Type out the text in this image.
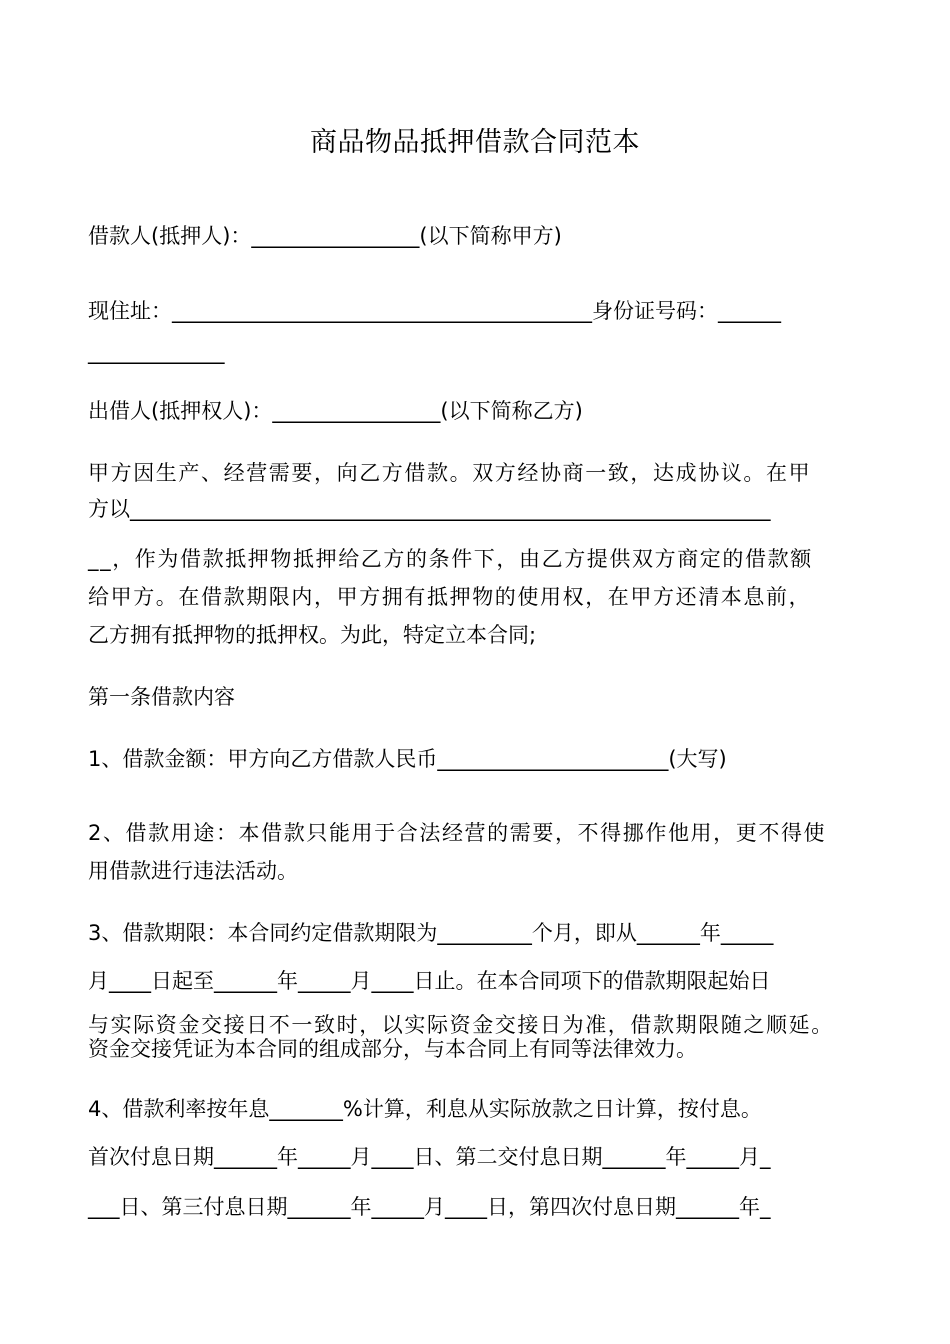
商品物品抵押借款合同范本
借款人(抵押人)：________________(以下简称甲方)
现住址：________________________________________身份证号码：______
_____________
出借人(抵押权人)：________________(以下简称乙方)
甲方因生产、经营需要，向乙方借款。双方经协商一致，达成协议。在甲
方以_____________________________________________________________
__，作为借款抵押物抵押给乙方的条件下，由乙方提供双方商定的借款额
给甲方。在借款期限内，甲方拥有抵押物的使用权，在甲方还清本息前，
乙方拥有抵押物的抵押权。为此，特定立本合同;
第一条借款内容
1、借款金额：甲方向乙方借款人民币______________________(大写)
2、借款用途：本借款只能用于合法经营的需要，不得挪作他用，更不得使
用借款进行违法活动。
3、借款期限：本合同约定借款期限为_________个月，即从______年_____
月____日起至______年_____月____日止。在本合同项下的借款期限起始日
与实际资金交接日不一致时，以实际资金交接日为准，借款期限随之顺延。
资金交接凭证为本合同的组成部分，与本合同上有同等法律效力。
4、借款利率按年息_______%计算，利息从实际放款之日计算，按付息。
首次付息日期______年_____月____日、第二交付息日期______年_____月_
___日、第三付息日期______年_____月____日，第四次付息日期______年_
